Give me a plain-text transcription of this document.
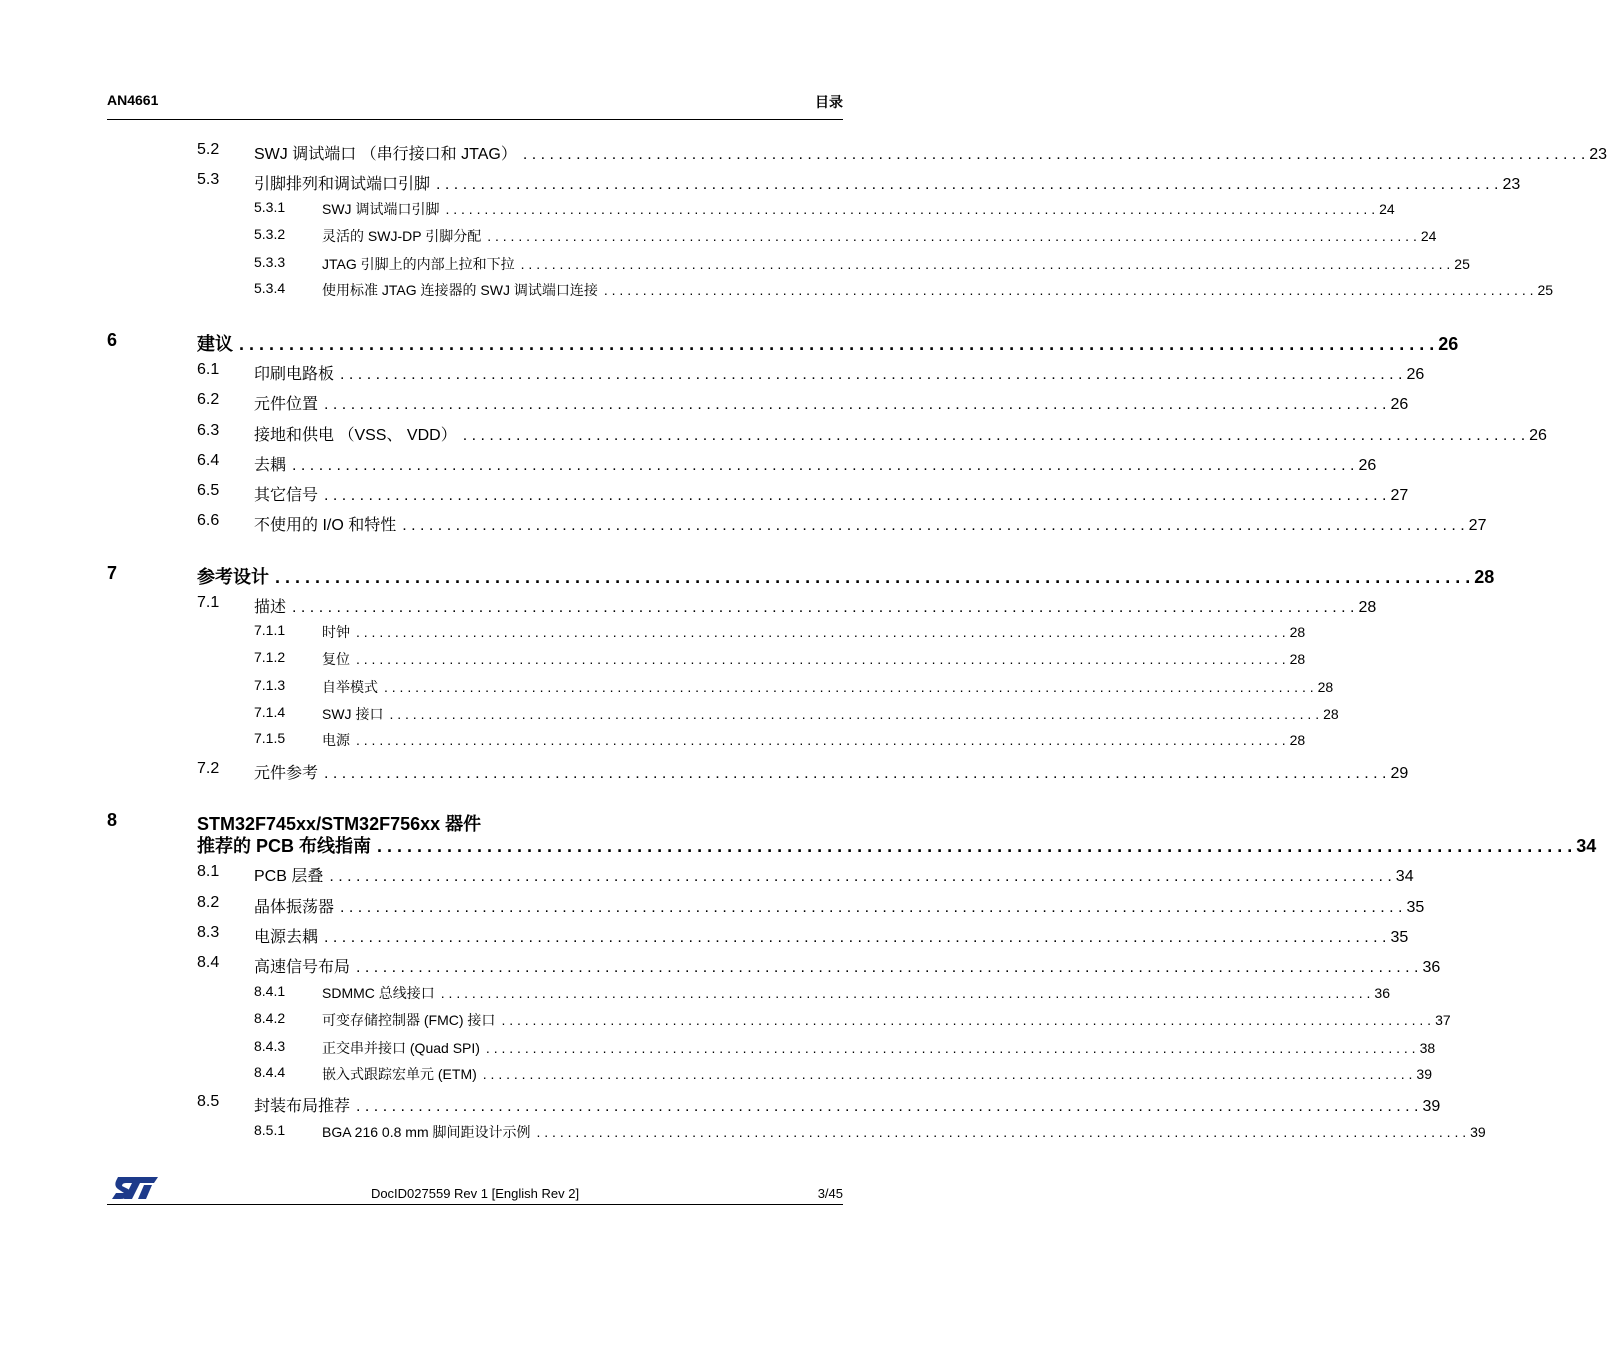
AN4661	目录
5.2 SWJ 调试端口 （串行接口和 JTAG） . . . . . . . . . . . . . . . . . . . . . . . . . . . . . . . . . . . . . . . . . . . . . . . . . . . . . . . . . . . . . . . . . . . . . . . . . . . . . . . . . . . . . . . . . . . . . . . . . . . . . . . . . . . . . . . . . . . . . . . . 23
5.3 引脚排列和调试端口引脚 . . . . . . . . . . . . . . . . . . . . . . . . . . . . . . . . . . . . . . . . . . . . . . . . . . . . . . . . . . . . . . . . . . . . . . . . . . . . . . . . . . . . . . . . . . . . . . . . . . . . . . . . . . . . . . . . . . . . . . . . 23
5.3.1	SWJ 调试端口引脚 . . . . . . . . . . . . . . . . . . . . . . . . . . . . . . . . . . . . . . . . . . . . . . . . . . . . . . . . . . . . . . . . . . . . . . . . . . . . . . . . . . . . . . . . . . . . . . . . . . . . . . . . . . . . . . . . . . . . . . . . 24
5.3.2	灵活的 SWJ-DP 引脚分配 . . . . . . . . . . . . . . . . . . . . . . . . . . . . . . . . . . . . . . . . . . . . . . . . . . . . . . . . . . . . . . . . . . . . . . . . . . . . . . . . . . . . . . . . . . . . . . . . . . . . . . . . . . . . . . . . . . . . . . . . 24
5.3.3	JTAG 引脚上的内部上拉和下拉 . . . . . . . . . . . . . . . . . . . . . . . . . . . . . . . . . . . . . . . . . . . . . . . . . . . . . . . . . . . . . . . . . . . . . . . . . . . . . . . . . . . . . . . . . . . . . . . . . . . . . . . . . . . . . . . . . . . . . . . . 25
5.3.4	使用标准 JTAG 连接器的 SWJ 调试端口连接 . . . . . . . . . . . . . . . . . . . . . . . . . . . . . . . . . . . . . . . . . . . . . . . . . . . . . . . . . . . . . . . . . . . . . . . . . . . . . . . . . . . . . . . . . . . . . . . . . . . . . . . . . . . . . . . . . . . . . . . . 25
6	建议 . . . . . . . . . . . . . . . . . . . . . . . . . . . . . . . . . . . . . . . . . . . . . . . . . . . . . . . . . . . . . . . . . . . . . . . . . . . . . . . . . . . . . . . . . . . . . . . . . . . . . . . . . . . . . . . . . . . . . . . . 26
6.1 印刷电路板 . . . . . . . . . . . . . . . . . . . . . . . . . . . . . . . . . . . . . . . . . . . . . . . . . . . . . . . . . . . . . . . . . . . . . . . . . . . . . . . . . . . . . . . . . . . . . . . . . . . . . . . . . . . . . . . . . . . . . . . . 26
6.2 元件位置 . . . . . . . . . . . . . . . . . . . . . . . . . . . . . . . . . . . . . . . . . . . . . . . . . . . . . . . . . . . . . . . . . . . . . . . . . . . . . . . . . . . . . . . . . . . . . . . . . . . . . . . . . . . . . . . . . . . . . . . . 26
6.3 接地和供电 （VSS、 VDD） . . . . . . . . . . . . . . . . . . . . . . . . . . . . . . . . . . . . . . . . . . . . . . . . . . . . . . . . . . . . . . . . . . . . . . . . . . . . . . . . . . . . . . . . . . . . . . . . . . . . . . . . . . . . . . . . . . . . . . . . 26
6.4 去耦 . . . . . . . . . . . . . . . . . . . . . . . . . . . . . . . . . . . . . . . . . . . . . . . . . . . . . . . . . . . . . . . . . . . . . . . . . . . . . . . . . . . . . . . . . . . . . . . . . . . . . . . . . . . . . . . . . . . . . . . . 26
6.5 其它信号 . . . . . . . . . . . . . . . . . . . . . . . . . . . . . . . . . . . . . . . . . . . . . . . . . . . . . . . . . . . . . . . . . . . . . . . . . . . . . . . . . . . . . . . . . . . . . . . . . . . . . . . . . . . . . . . . . . . . . . . . 27
6.6 不使用的 I/O 和特性 . . . . . . . . . . . . . . . . . . . . . . . . . . . . . . . . . . . . . . . . . . . . . . . . . . . . . . . . . . . . . . . . . . . . . . . . . . . . . . . . . . . . . . . . . . . . . . . . . . . . . . . . . . . . . . . . . . . . . . . . 27
7	参考设计 . . . . . . . . . . . . . . . . . . . . . . . . . . . . . . . . . . . . . . . . . . . . . . . . . . . . . . . . . . . . . . . . . . . . . . . . . . . . . . . . . . . . . . . . . . . . . . . . . . . . . . . . . . . . . . . . . . . . . . . . 28
7.1 描述 . . . . . . . . . . . . . . . . . . . . . . . . . . . . . . . . . . . . . . . . . . . . . . . . . . . . . . . . . . . . . . . . . . . . . . . . . . . . . . . . . . . . . . . . . . . . . . . . . . . . . . . . . . . . . . . . . . . . . . . . 28
7.1.1	时钟 . . . . . . . . . . . . . . . . . . . . . . . . . . . . . . . . . . . . . . . . . . . . . . . . . . . . . . . . . . . . . . . . . . . . . . . . . . . . . . . . . . . . . . . . . . . . . . . . . . . . . . . . . . . . . . . . . . . . . . . . 28
7.1.2	复位 . . . . . . . . . . . . . . . . . . . . . . . . . . . . . . . . . . . . . . . . . . . . . . . . . . . . . . . . . . . . . . . . . . . . . . . . . . . . . . . . . . . . . . . . . . . . . . . . . . . . . . . . . . . . . . . . . . . . . . . . 28
7.1.3	自举模式 . . . . . . . . . . . . . . . . . . . . . . . . . . . . . . . . . . . . . . . . . . . . . . . . . . . . . . . . . . . . . . . . . . . . . . . . . . . . . . . . . . . . . . . . . . . . . . . . . . . . . . . . . . . . . . . . . . . . . . . . 28
7.1.4	SWJ 接口 . . . . . . . . . . . . . . . . . . . . . . . . . . . . . . . . . . . . . . . . . . . . . . . . . . . . . . . . . . . . . . . . . . . . . . . . . . . . . . . . . . . . . . . . . . . . . . . . . . . . . . . . . . . . . . . . . . . . . . . . 28
7.1.5	电源 . . . . . . . . . . . . . . . . . . . . . . . . . . . . . . . . . . . . . . . . . . . . . . . . . . . . . . . . . . . . . . . . . . . . . . . . . . . . . . . . . . . . . . . . . . . . . . . . . . . . . . . . . . . . . . . . . . . . . . . . 28
7.2 元件参考 . . . . . . . . . . . . . . . . . . . . . . . . . . . . . . . . . . . . . . . . . . . . . . . . . . . . . . . . . . . . . . . . . . . . . . . . . . . . . . . . . . . . . . . . . . . . . . . . . . . . . . . . . . . . . . . . . . . . . . . . 29
8	STM32F745xx/STM32F756xx 器件
推荐的 PCB 布线指南 . . . . . . . . . . . . . . . . . . . . . . . . . . . . . . . . . . . . . . . . . . . . . . . . . . . . . . . . . . . . . . . . . . . . . . . . . . . . . . . . . . . . . . . . . . . . . . . . . . . . . . . . . . . . . . . . . . . . . . . . 34
8.1 PCB 层叠 . . . . . . . . . . . . . . . . . . . . . . . . . . . . . . . . . . . . . . . . . . . . . . . . . . . . . . . . . . . . . . . . . . . . . . . . . . . . . . . . . . . . . . . . . . . . . . . . . . . . . . . . . . . . . . . . . . . . . . . . 34
8.2 晶体振荡器 . . . . . . . . . . . . . . . . . . . . . . . . . . . . . . . . . . . . . . . . . . . . . . . . . . . . . . . . . . . . . . . . . . . . . . . . . . . . . . . . . . . . . . . . . . . . . . . . . . . . . . . . . . . . . . . . . . . . . . . . 35
8.3 电源去耦 . . . . . . . . . . . . . . . . . . . . . . . . . . . . . . . . . . . . . . . . . . . . . . . . . . . . . . . . . . . . . . . . . . . . . . . . . . . . . . . . . . . . . . . . . . . . . . . . . . . . . . . . . . . . . . . . . . . . . . . . 35
8.4 高速信号布局 . . . . . . . . . . . . . . . . . . . . . . . . . . . . . . . . . . . . . . . . . . . . . . . . . . . . . . . . . . . . . . . . . . . . . . . . . . . . . . . . . . . . . . . . . . . . . . . . . . . . . . . . . . . . . . . . . . . . . . . . 36
8.4.1	SDMMC 总线接口 . . . . . . . . . . . . . . . . . . . . . . . . . . . . . . . . . . . . . . . . . . . . . . . . . . . . . . . . . . . . . . . . . . . . . . . . . . . . . . . . . . . . . . . . . . . . . . . . . . . . . . . . . . . . . . . . . . . . . . . . 36
8.4.2	可变存储控制器 (FMC) 接口 . . . . . . . . . . . . . . . . . . . . . . . . . . . . . . . . . . . . . . . . . . . . . . . . . . . . . . . . . . . . . . . . . . . . . . . . . . . . . . . . . . . . . . . . . . . . . . . . . . . . . . . . . . . . . . . . . . . . . . . . 37
8.4.3	正交串并接口 (Quad SPI) . . . . . . . . . . . . . . . . . . . . . . . . . . . . . . . . . . . . . . . . . . . . . . . . . . . . . . . . . . . . . . . . . . . . . . . . . . . . . . . . . . . . . . . . . . . . . . . . . . . . . . . . . . . . . . . . . . . . . . . . 38
8.4.4	嵌入式跟踪宏单元 (ETM) . . . . . . . . . . . . . . . . . . . . . . . . . . . . . . . . . . . . . . . . . . . . . . . . . . . . . . . . . . . . . . . . . . . . . . . . . . . . . . . . . . . . . . . . . . . . . . . . . . . . . . . . . . . . . . . . . . . . . . . . 39
8.5 封装布局推荐 . . . . . . . . . . . . . . . . . . . . . . . . . . . . . . . . . . . . . . . . . . . . . . . . . . . . . . . . . . . . . . . . . . . . . . . . . . . . . . . . . . . . . . . . . . . . . . . . . . . . . . . . . . . . . . . . . . . . . . . . 39
8.5.1	BGA 216 0.8 mm 脚间距设计示例 . . . . . . . . . . . . . . . . . . . . . . . . . . . . . . . . . . . . . . . . . . . . . . . . . . . . . . . . . . . . . . . . . . . . . . . . . . . . . . . . . . . . . . . . . . . . . . . . . . . . . . . . . . . . . . . . . . . . . . . . 39
DocID027559 Rev 1 [English Rev 2]	3/45
